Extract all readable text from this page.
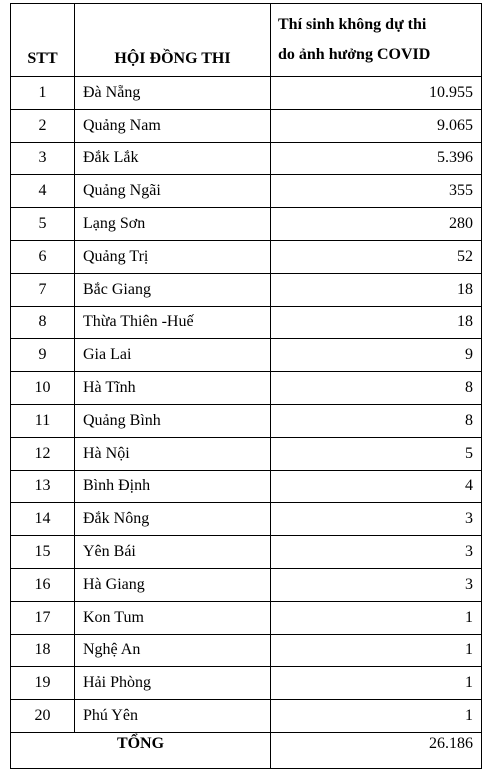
STT	HỘI ĐỒNG THI	Thí sinh không dự thi
do ảnh hưởng COVID

1	Đà Nẵng	10.955
2	Quảng Nam	9.065
3	Đắk Lắk	5.396
4	Quảng Ngãi	355
5	Lạng Sơn	280
6	Quảng Trị	52
7	Bắc Giang	18
8	Thừa Thiên -Huế	18
9	Gia Lai	9
10	Hà Tĩnh	8
11	Quảng Bình	8
12	Hà Nội	5
13	Bình Định	4
14	Đắk Nông	3
15	Yên Bái	3
16	Hà Giang	3
17	Kon Tum	1
18	Nghệ An	1
19	Hải Phòng	1
20	Phú Yên	1
TỔNG		26.186
